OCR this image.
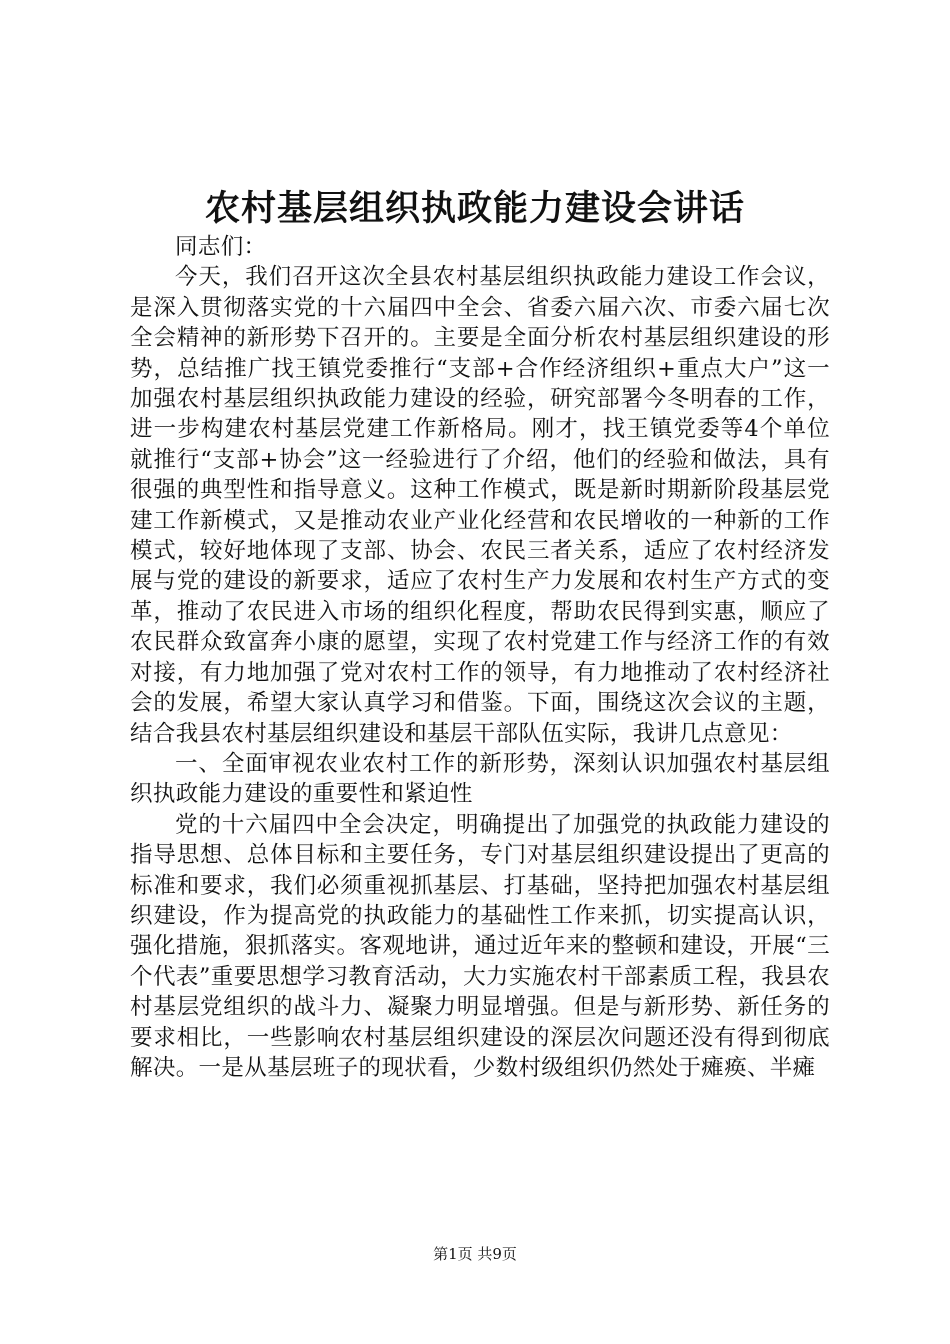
农村基层组织执政能力建设会讲话

同志们：

今天，我们召开这次全县农村基层组织执政能力建设工作会议，是深入贯彻落实党的十六届四中全会、省委六届六次、市委六届七次全会精神的新形势下召开的。主要是全面分析农村基层组织建设的形势，总结推广找王镇党委推行“支部+合作经济组织+重点大户”这一加强农村基层组织执政能力建设的经验，研究部署今冬明春的工作，进一步构建农村基层党建工作新格局。刚才，找王镇党委等4个单位就推行“支部+协会”这一经验进行了介绍，他们的经验和做法，具有很强的典型性和指导意义。这种工作模式，既是新时期新阶段基层党建工作新模式，又是推动农业产业化经营和农民增收的一种新的工作模式，较好地体现了支部、协会、农民三者关系，适应了农村经济发展与党的建设的新要求，适应了农村生产力发展和农村生产方式的变革，推动了农民进入市场的组织化程度，帮助农民得到实惠，顺应了农民群众致富奔小康的愿望，实现了农村党建工作与经济工作的有效对接，有力地加强了党对农村工作的领导，有力地推动了农村经济社会的发展，希望大家认真学习和借鉴。下面，围绕这次会议的主题，结合我县农村基层组织建设和基层干部队伍实际，我讲几点意见：

一、全面审视农业农村工作的新形势，深刻认识加强农村基层组织执政能力建设的重要性和紧迫性

党的十六届四中全会决定，明确提出了加强党的执政能力建设的指导思想、总体目标和主要任务，专门对基层组织建设提出了更高的标准和要求，我们必须重视抓基层、打基础，坚持把加强农村基层组织建设，作为提高党的执政能力的基础性工作来抓，切实提高认识，强化措施，狠抓落实。客观地讲，通过近年来的整顿和建设，开展“三个代表”重要思想学习教育活动，大力实施农村干部素质工程，我县农村基层党组织的战斗力、凝聚力明显增强。但是与新形势、新任务的要求相比，一些影响农村基层组织建设的深层次问题还没有得到彻底解决。一是从基层班子的现状看，少数村级组织仍然处于瘫痪、半瘫

第1页 共9页
